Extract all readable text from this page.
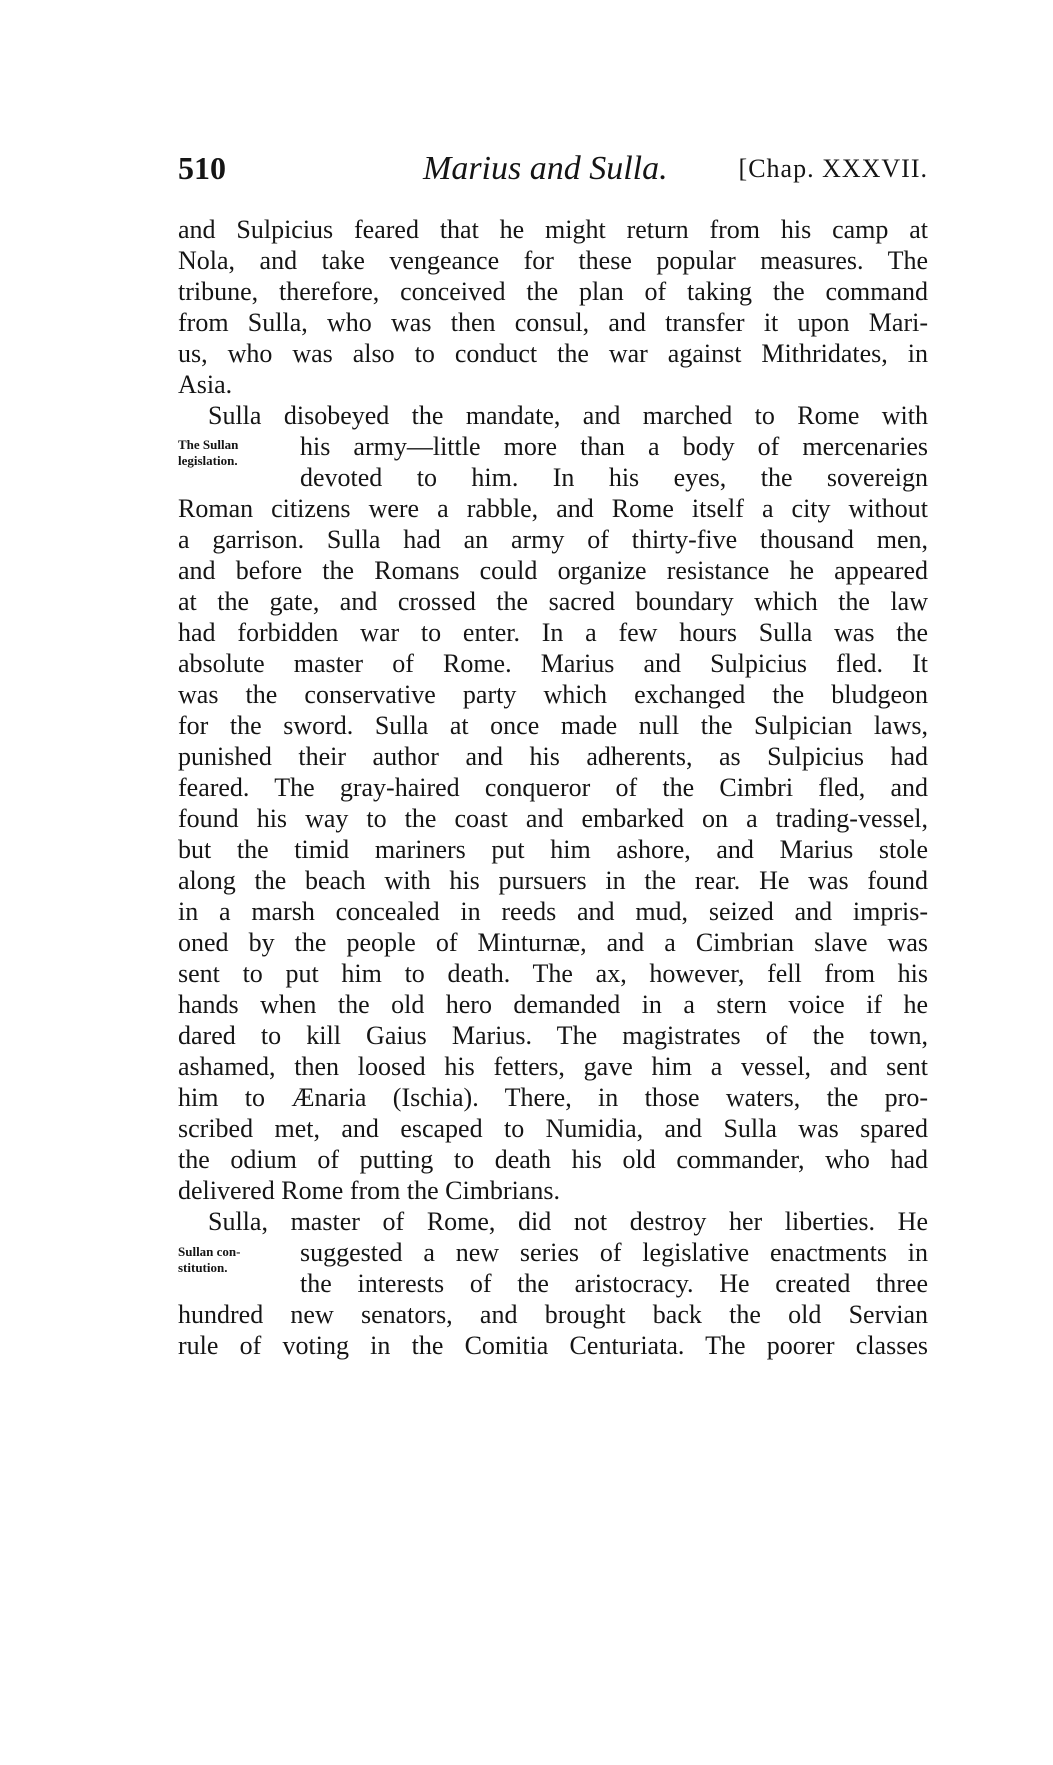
510	Marius and Sulla.	[Chap. XXXVII.
and Sulpicius feared that he might return from his camp at
Nola, and take vengeance for these popular measures. The
tribune, therefore, conceived the plan of taking the command
from Sulla, who was then consul, and transfer it upon Mari-
us, who was also to conduct the war against Mithridates, in
Asia.
Sulla disobeyed the mandate, and marched to Rome with
his army—little more than a body of mercenaries
devoted to him. In his eyes, the sovereign
Roman citizens were a rabble, and Rome itself a city without
a garrison. Sulla had an army of thirty-five thousand men,
and before the Romans could organize resistance he appeared
at the gate, and crossed the sacred boundary which the law
had forbidden war to enter. In a few hours Sulla was the
absolute master of Rome. Marius and Sulpicius fled. It
was the conservative party which exchanged the bludgeon
for the sword. Sulla at once made null the Sulpician laws,
punished their author and his adherents, as Sulpicius had
feared. The gray-haired conqueror of the Cimbri fled, and
found his way to the coast and embarked on a trading-vessel,
but the timid mariners put him ashore, and Marius stole
along the beach with his pursuers in the rear. He was found
in a marsh concealed in reeds and mud, seized and impris-
oned by the people of Minturnæ, and a Cimbrian slave was
sent to put him to death. The ax, however, fell from his
hands when the old hero demanded in a stern voice if he
dared to kill Gaius Marius. The magistrates of the town,
ashamed, then loosed his fetters, gave him a vessel, and sent
him to Ænaria (Ischia). There, in those waters, the pro-
scribed met, and escaped to Numidia, and Sulla was spared
the odium of putting to death his old commander, who had
delivered Rome from the Cimbrians.
Sulla, master of Rome, did not destroy her liberties. He
suggested a new series of legislative enactments in
the interests of the aristocracy. He created three
hundred new senators, and brought back the old Servian
rule of voting in the Comitia Centuriata. The poorer classes
The Sullan
legislation.
Sullan con-
stitution.
